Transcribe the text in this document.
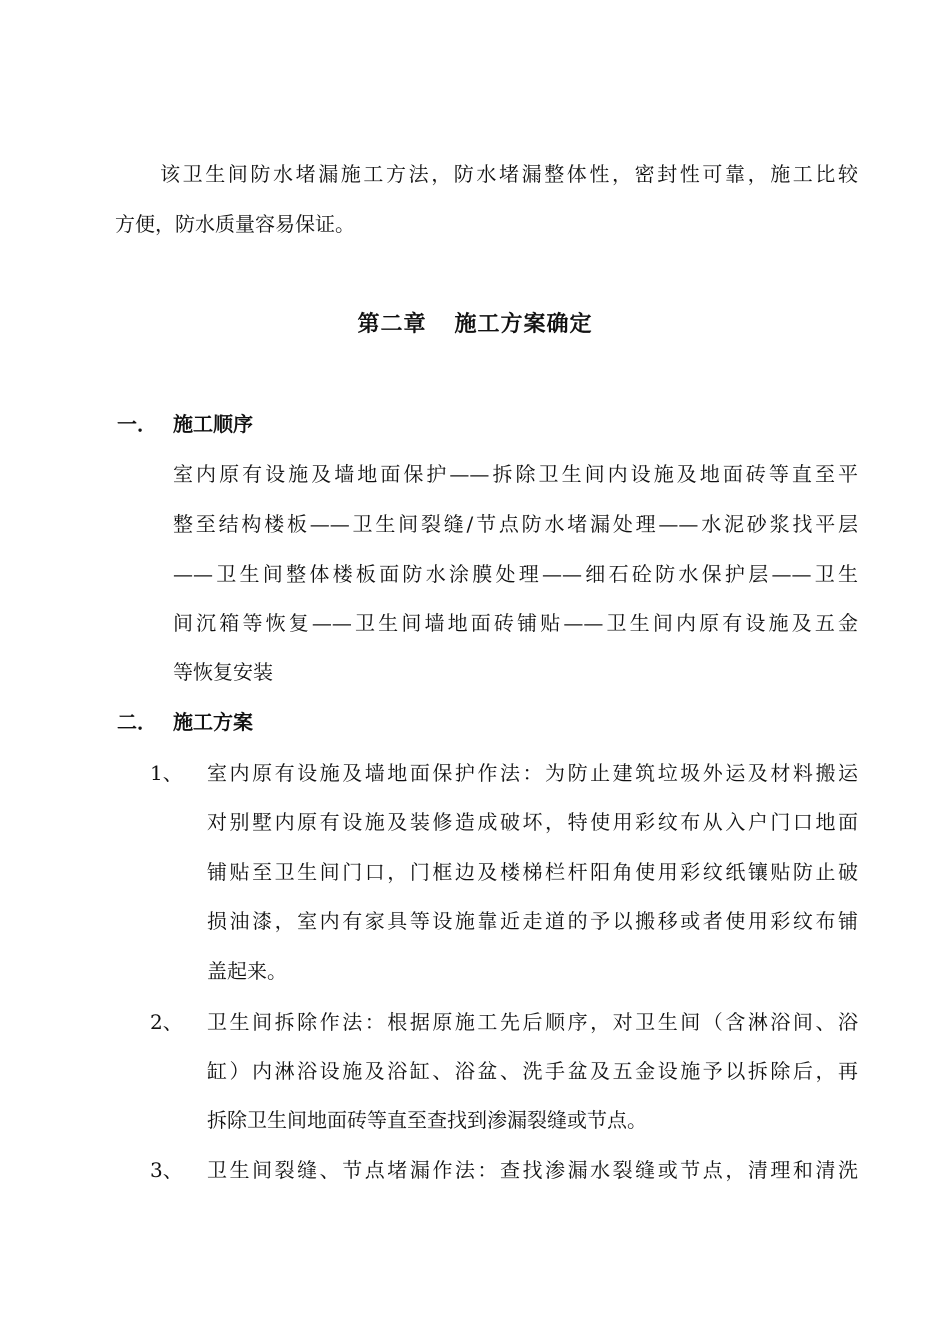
该卫生间防水堵漏施工方法，防水堵漏整体性，密封性可靠，施工比较
方便，防水质量容易保证。
第二章 施工方案确定
一． 施工顺序
室内原有设施及墙地面保护——拆除卫生间内设施及地面砖等直至平
整至结构楼板——卫生间裂缝/节点防水堵漏处理——水泥砂浆找平层
——卫生间整体楼板面防水涂膜处理——细石砼防水保护层——卫生
间沉箱等恢复——卫生间墙地面砖铺贴——卫生间内原有设施及五金
等恢复安装
二． 施工方案
1、 室内原有设施及墙地面保护作法：为防止建筑垃圾外运及材料搬运
对别墅内原有设施及装修造成破坏，特使用彩纹布从入户门口地面
铺贴至卫生间门口，门框边及楼梯栏杆阳角使用彩纹纸镶贴防止破
损油漆，室内有家具等设施靠近走道的予以搬移或者使用彩纹布铺
盖起来。
2、 卫生间拆除作法：根据原施工先后顺序，对卫生间（含淋浴间、浴
缸）内淋浴设施及浴缸、浴盆、洗手盆及五金设施予以拆除后，再
拆除卫生间地面砖等直至查找到渗漏裂缝或节点。
3、 卫生间裂缝、节点堵漏作法：查找渗漏水裂缝或节点，清理和清洗
